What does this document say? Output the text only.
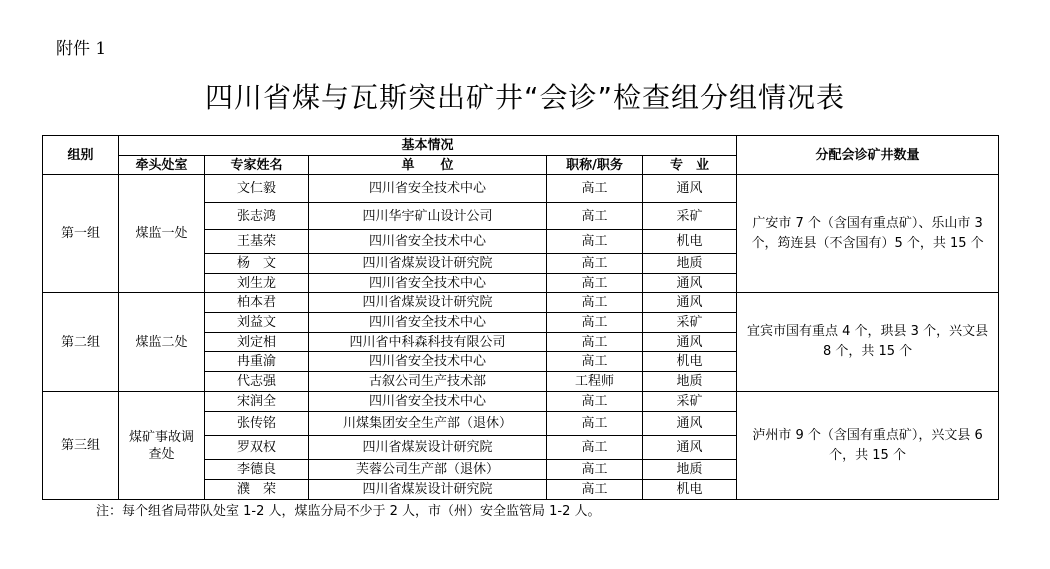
附件 1
四川省煤与瓦斯突出矿井“会诊”检查组分组情况表
组别	基本情况					分配会诊矿井数量
	牵头处室	专家姓名	单　　位	职称/职务	专　业	
第一组	煤监一处	文仁毅	四川省安全技术中心	高工	通风	广安市 7 个（含国有重点矿）、乐山市 3 个，筠连县（不含国有）5 个，共 15 个
		张志鸿	四川华宇矿山设计公司	高工	采矿	
		王基荣	四川省安全技术中心	高工	机电	
		杨　文	四川省煤炭设计研究院	高工	地质	
		刘生龙	四川省安全技术中心	高工	通风	
第二组	煤监二处	柏本君	四川省煤炭设计研究院	高工	通风	宜宾市国有重点 4 个，珙县 3 个，兴文县 8 个，共 15 个
		刘益文	四川省安全技术中心	高工	采矿	
		刘定相	四川省中科森科技有限公司	高工	通风	
		冉重渝	四川省安全技术中心	高工	机电	
		代志强	古叙公司生产技术部	工程师	地质	
第三组	煤矿事故调查处	宋润全	四川省安全技术中心	高工	采矿	泸州市 9 个（含国有重点矿），兴文县 6 个，共 15 个
		张传铭	川煤集团安全生产部（退休）	高工	通风	
		罗双权	四川省煤炭设计研究院	高工	通风	
		李德良	芙蓉公司生产部（退休）	高工	地质	
		濮　荣	四川省煤炭设计研究院	高工	机电	
注：每个组省局带队处室 1-2 人，煤监分局不少于 2 人，市（州）安全监管局 1-2 人。
